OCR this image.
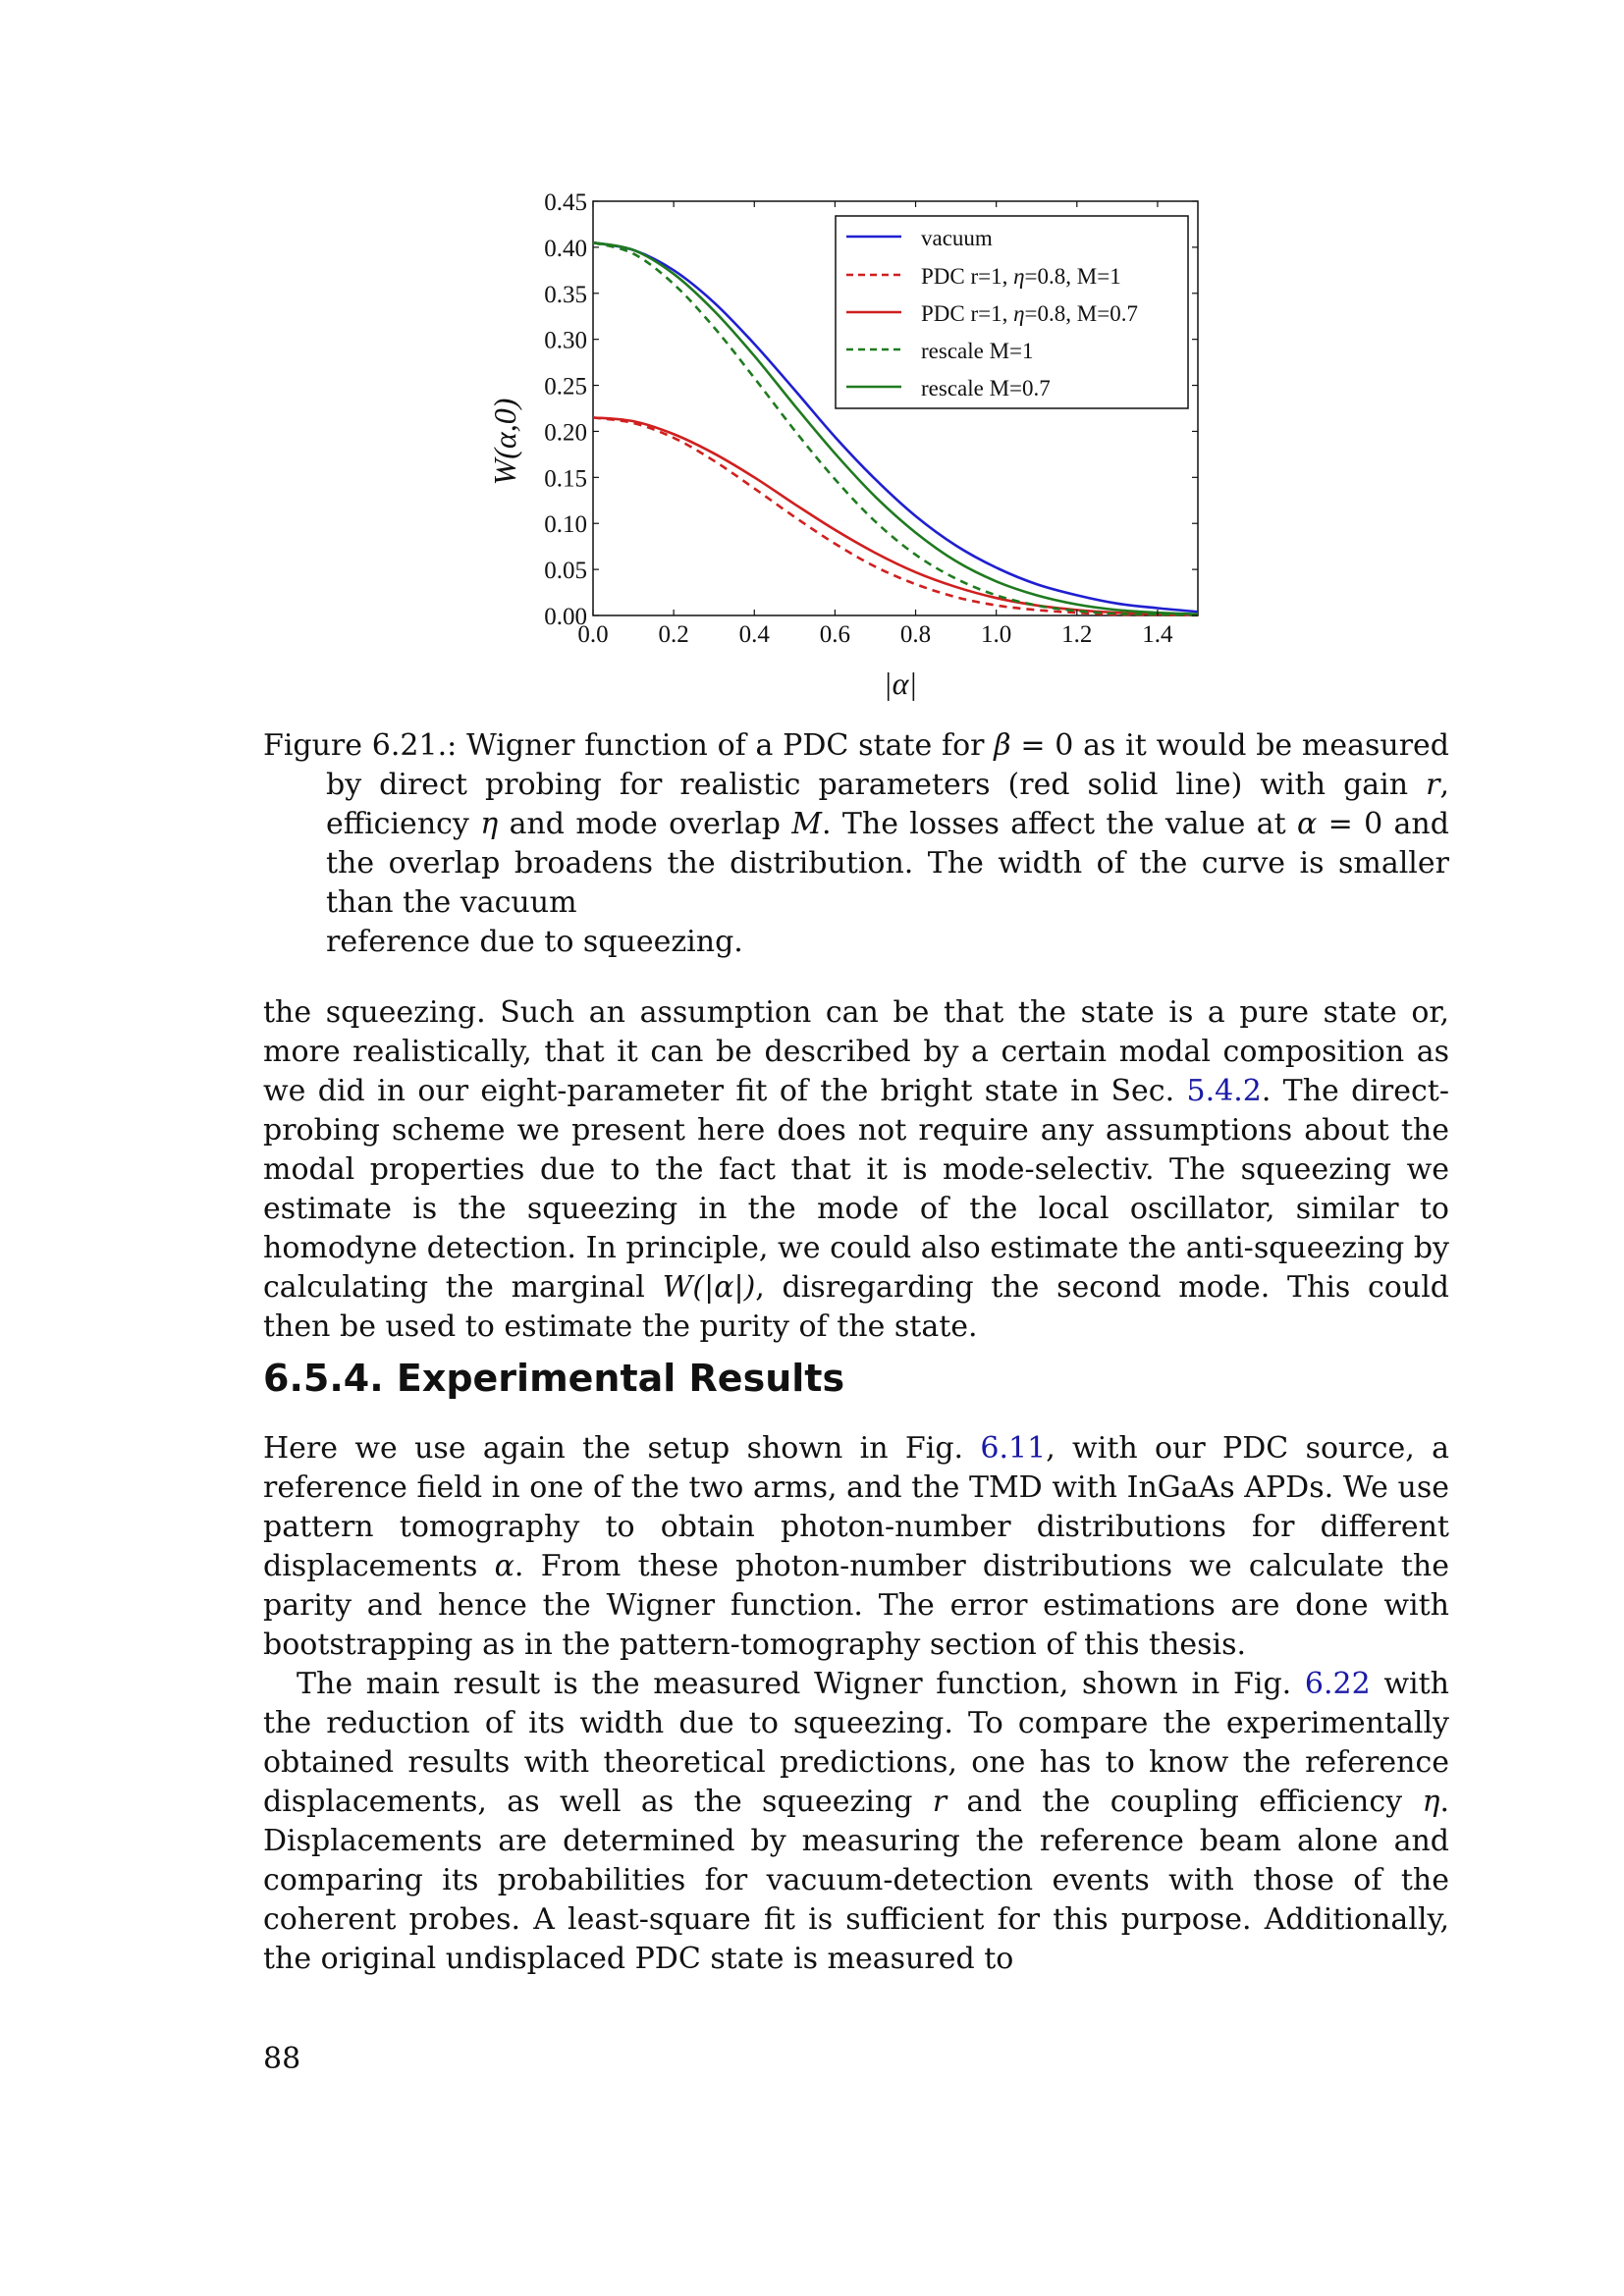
0.0 0.2 0.4 0.6 0.8 1.0 1.2 1.4
0.00
0.05
0.10
0.15
0.20
0.25
0.30
0.35
0.40
0.45
|α|
W(α,0)
vacuum
PDC r=1, η=0.8, M=1
PDC r=1, η=0.8, M=0.7
rescale M=1
rescale M=0.7
Figure 6.21.: Wigner function of a PDC state for β = 0 as it would be measured
by direct probing for realistic parameters (red solid line) with gain r, efficiency η and mode overlap M. The losses affect the value at α = 0 and the overlap broadens the distribution. The width of the curve is smaller than the vacuum
reference due to squeezing.

the squeezing. Such an assumption can be that the state is a pure state or, more realistically, that it can be described by a certain modal composition as we did in our eight-parameter fit of the bright state in Sec. 5.4.2. The direct-probing scheme we present here does not require any assumptions about the modal properties due to the fact that it is mode-selectiv. The squeezing we estimate is the squeezing in the mode of the local oscillator, similar to homodyne detection. In principle, we could also estimate the anti-squeezing by calculating the marginal W(|α|), disregarding the second mode. This could then be used to estimate the purity of the state.

6.5.4. Experimental Results

Here we use again the setup shown in Fig. 6.11, with our PDC source, a reference field in one of the two arms, and the TMD with InGaAs APDs. We use pattern tomography to obtain photon-number distributions for different displacements α. From these photon-number distributions we calculate the parity and hence the Wigner function. The error estimations are done with bootstrapping as in the pattern-tomography section of this thesis.

The main result is the measured Wigner function, shown in Fig. 6.22 with the reduction of its width due to squeezing. To compare the experimentally obtained results with theoretical predictions, one has to know the reference displacements, as well as the squeezing r and the coupling efficiency η. Displacements are determined by measuring the reference beam alone and comparing its probabilities for vacuum-detection events with those of the coherent probes. A least-square fit is sufficient for this purpose. Additionally, the original undisplaced PDC state is measured to

88
